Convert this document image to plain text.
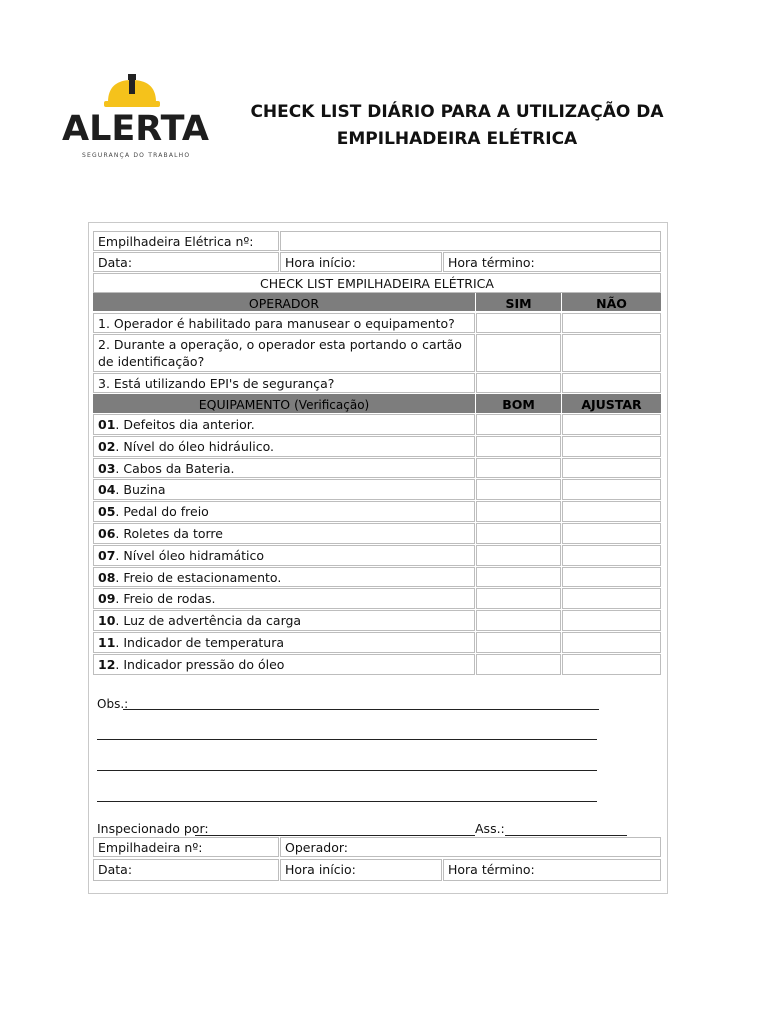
ALERTA
SEGURANÇA DO TRABALHO
CHECK LIST DIÁRIO PARA A UTILIZAÇÃO DA
EMPILHADEIRA ELÉTRICA
Empilhadeira Elétrica nº:
Data:	Hora início:	Hora término:
CHECK LIST EMPILHADEIRA ELÉTRICA
OPERADOR	SIM	NÃO
1. Operador é habilitado para manusear o equipamento?
2. Durante a operação, o operador esta portando o cartão de identificação?
3. Está utilizando EPI's de segurança?
EQUIPAMENTO (Verificação)	BOM	AJUSTAR
01. Defeitos dia anterior.
02. Nível do óleo hidráulico.
03. Cabos da Bateria.
04. Buzina
05. Pedal do freio
06. Roletes da torre
07. Nível óleo hidramático
08. Freio de estacionamento.
09. Freio de rodas.
10. Luz de advertência da carga
11. Indicador de temperatura
12. Indicador pressão do óleo
Obs.:
Inspecionado por:	Ass.:
Empilhadeira nº:	Operador:
Data:	Hora início:	Hora término:
